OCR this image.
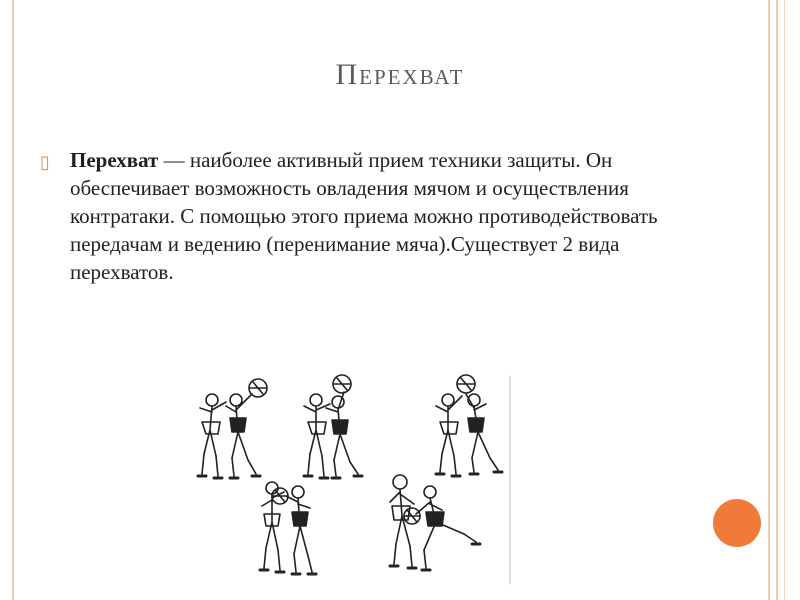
Перехват
▯ Перехват — наиболее активный прием техники защиты. Он обеспечивает возможность овладения мячом и осуществления контратаки. С помощью этого приема можно противодействовать передачам и ведению (перенимание мяча).Существует 2 вида перехватов.
